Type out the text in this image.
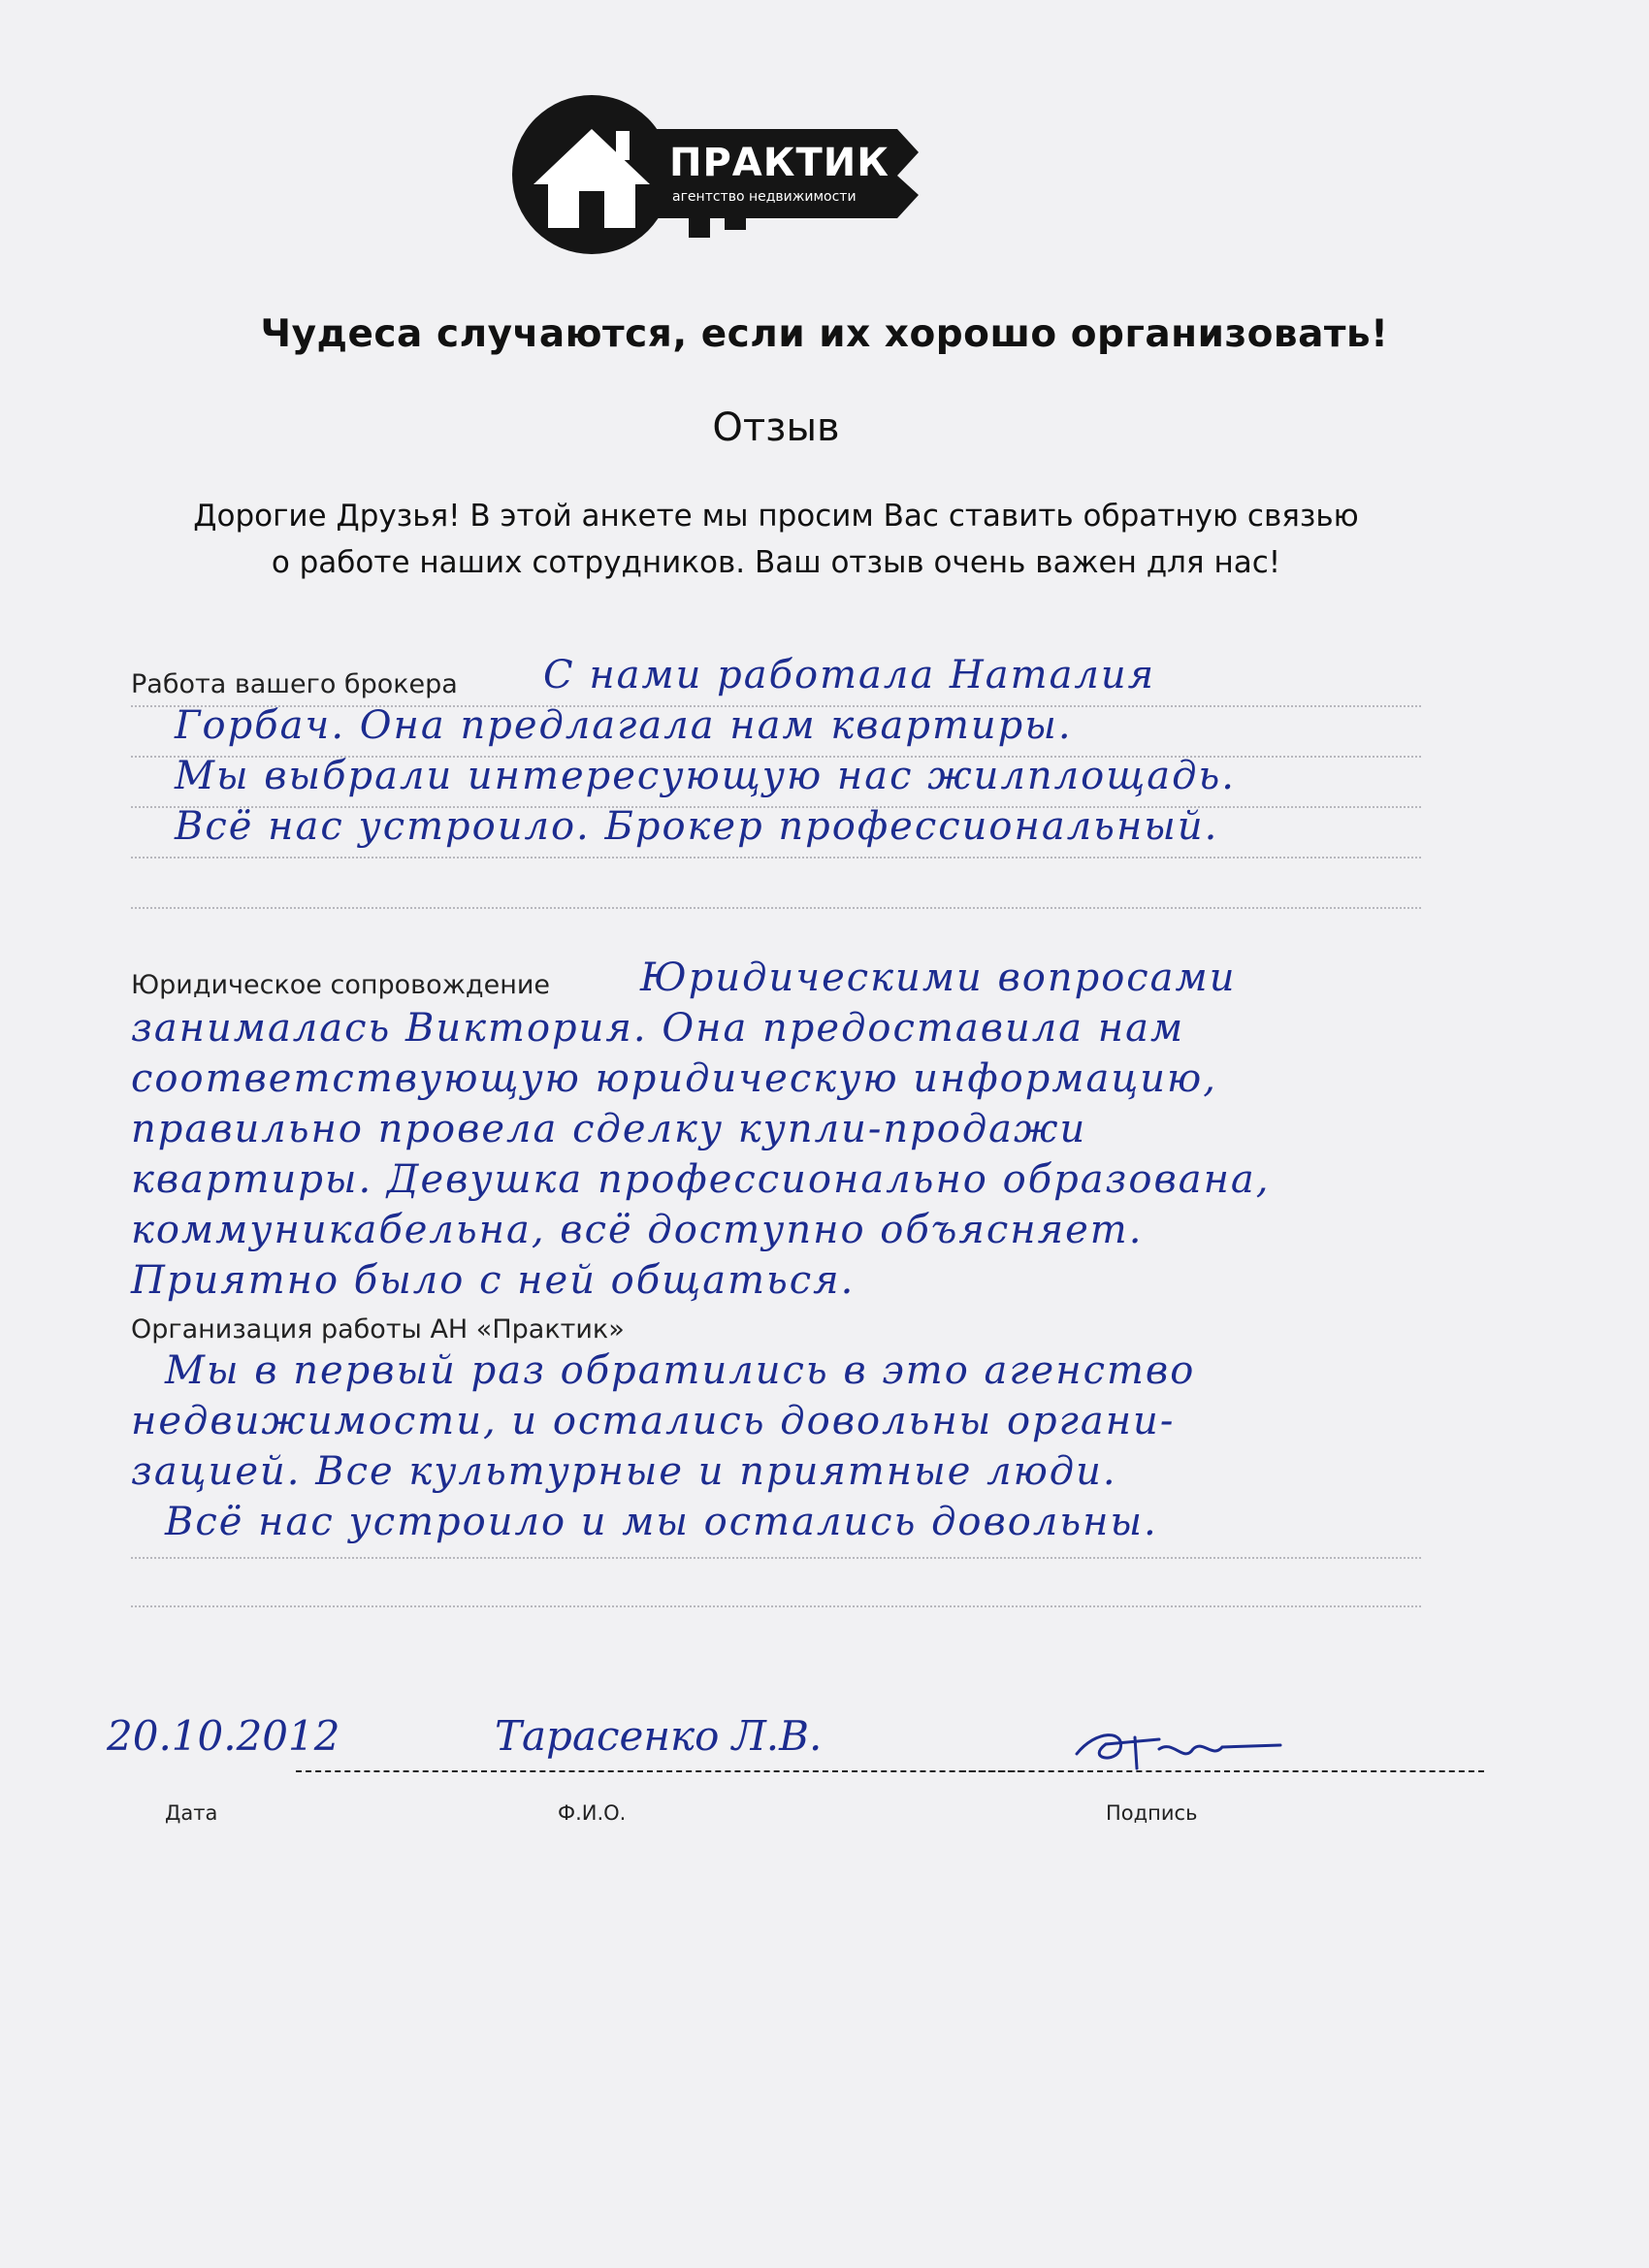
ПРАКТИК
агентство недвижимости
Чудеса случаются, если их хорошо организовать!
Отзыв
Дорогие Друзья! В этой анкете мы просим Вас ставить обратную связью
о работе наших сотрудников. Ваш отзыв очень важен для нас!
Работа вашего брокера С нами работала Наталия
Горбач. Она предлагала нам квартиры.
Мы выбрали интересующую нас жилплощадь.
Всё нас устроило. Брокер профессиональный.
Юридическое сопровождение Юридическими вопросами
занималась Виктория. Она предоставила нам
соответствующую юридическую информацию,
правильно провела сделку купли-продажи
квартиры. Девушка профессионально образована,
коммуникабельна, всё доступно объясняет.
Приятно было с ней общаться.
Организация работы АН «Практик»
Мы в первый раз обратились в это агенство
недвижимости, и остались довольны органи-
зацией. Все культурные и приятные люди.
Всё нас устроило и мы остались довольны.
20.10.2012	Тарасенко Л.В.
Дата	Ф.И.О.	Подпись
